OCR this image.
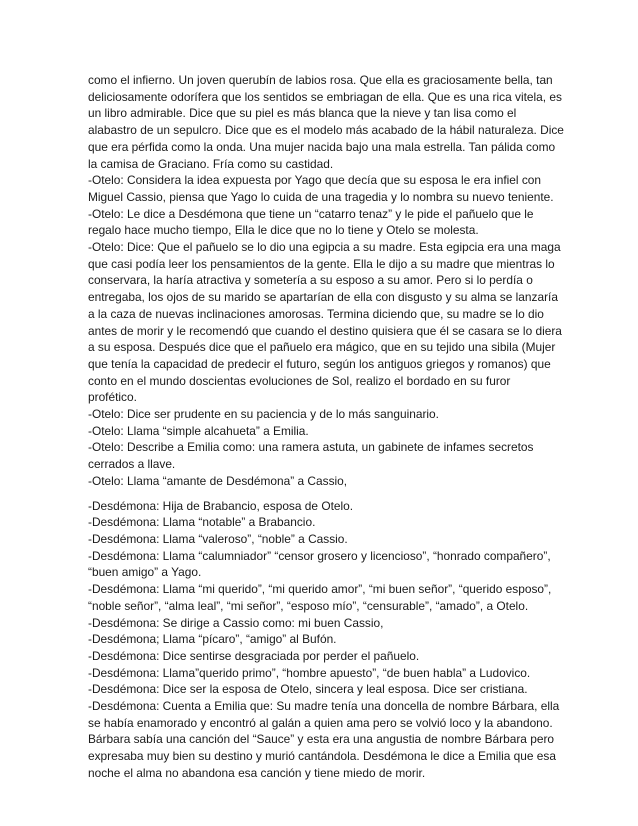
como el infierno. Un joven querubín de labios rosa. Que ella es graciosamente bella, tan

deliciosamente odorífera que los sentidos se embriagan de ella. Que es una rica vitela, es

un libro admirable. Dice que su piel es más blanca que la nieve y tan lisa como el

alabastro de un sepulcro. Dice que es el modelo más acabado de la hábil naturaleza. Dice

que era pérfida como la onda. Una mujer nacida bajo una mala estrella. Tan pálida como

la camisa de Graciano. Fría como su castidad.

-Otelo: Considera la idea expuesta por Yago que decía que su esposa le era infiel con

Miguel Cassio, piensa que Yago lo cuida de una tragedia y lo nombra su nuevo teniente.

-Otelo: Le dice a Desdémona que tiene un “catarro tenaz” y le pide el pañuelo que le

regalo hace mucho tiempo, Ella le dice que no lo tiene y Otelo se molesta.

-Otelo: Dice: Que el pañuelo se lo dio una egipcia a su madre. Esta egipcia era una maga

que casi podía leer los pensamientos de la gente. Ella le dijo a su madre que mientras lo

conservara, la haría atractiva y sometería a su esposo a su amor. Pero si lo perdía o

entregaba, los ojos de su marido se apartarían de ella con disgusto y su alma se lanzaría

a la caza de nuevas inclinaciones amorosas. Termina diciendo que, su madre se lo dio

antes de morir y le recomendó que cuando el destino quisiera que él se casara se lo diera

a su esposa. Después dice que el pañuelo era mágico, que en su tejido una sibila (Mujer

que tenía la capacidad de predecir el futuro, según los antiguos griegos y romanos) que

conto en el mundo doscientas evoluciones de Sol, realizo el bordado en su furor

profético.

-Otelo: Dice ser prudente en su paciencia y de lo más sanguinario.

-Otelo: Llama “simple alcahueta” a Emilia.

-Otelo: Describe a Emilia como: una ramera astuta, un gabinete de infames secretos

cerrados a llave.

-Otelo: Llama “amante de Desdémona” a Cassio,

-Desdémona: Hija de Brabancio, esposa de Otelo.

-Desdémona: Llama “notable” a Brabancio.

-Desdémona: Llama “valeroso”, “noble” a Cassio.

-Desdémona: Llama “calumniador” “censor grosero y licencioso”, “honrado compañero”,

“buen amigo” a Yago.

-Desdémona: Llama “mi querido”, “mi querido amor”, “mi buen señor”, “querido esposo”,

“noble señor”, “alma leal”, “mi señor”, “esposo mío”, “censurable”, “amado”, a Otelo.

-Desdémona: Se dirige a Cassio como: mi buen Cassio,

-Desdémona; Llama “pícaro”, “amigo” al Bufón.

-Desdémona: Dice sentirse desgraciada por perder el pañuelo.

-Desdémona: Llama”querido primo”, “hombre apuesto”, “de buen habla” a Ludovico.

-Desdémona: Dice ser la esposa de Otelo, sincera y leal esposa. Dice ser cristiana.

-Desdémona: Cuenta a Emilia que: Su madre tenía una doncella de nombre Bárbara, ella

se había enamorado y encontró al galán a quien ama pero se volvió loco y la abandono.

Bárbara sabía una canción del “Sauce” y esta era una angustia de nombre Bárbara pero

expresaba muy bien su destino y murió cantándola. Desdémona le dice a Emilia que esa

noche el alma no abandona esa canción y tiene miedo de morir.
